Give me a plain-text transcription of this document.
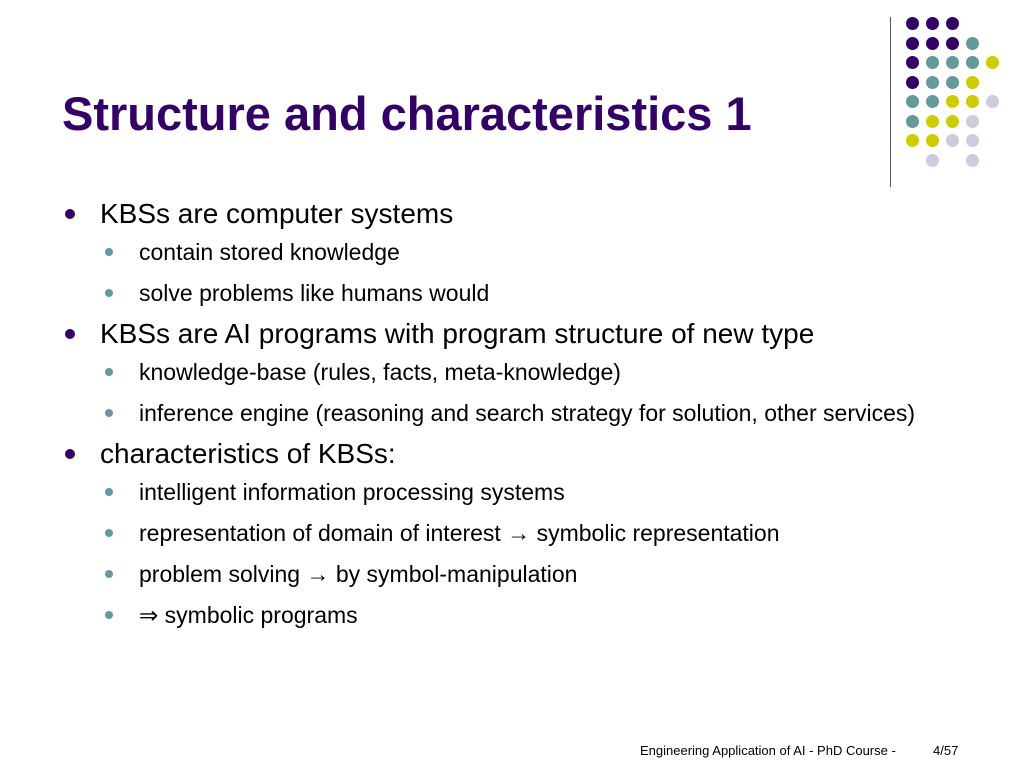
Structure and characteristics 1
KBSs are computer systems
contain stored knowledge
solve problems like humans would
KBSs are AI programs with program structure of new type
knowledge-base (rules, facts, meta-knowledge)
inference engine (reasoning and search strategy for solution, other services)
characteristics of KBSs:
intelligent information processing systems
representation of domain of interest → symbolic representation
problem solving → by symbol-manipulation
⇒ symbolic programs
Engineering Application of AI - PhD Course -	4/57
